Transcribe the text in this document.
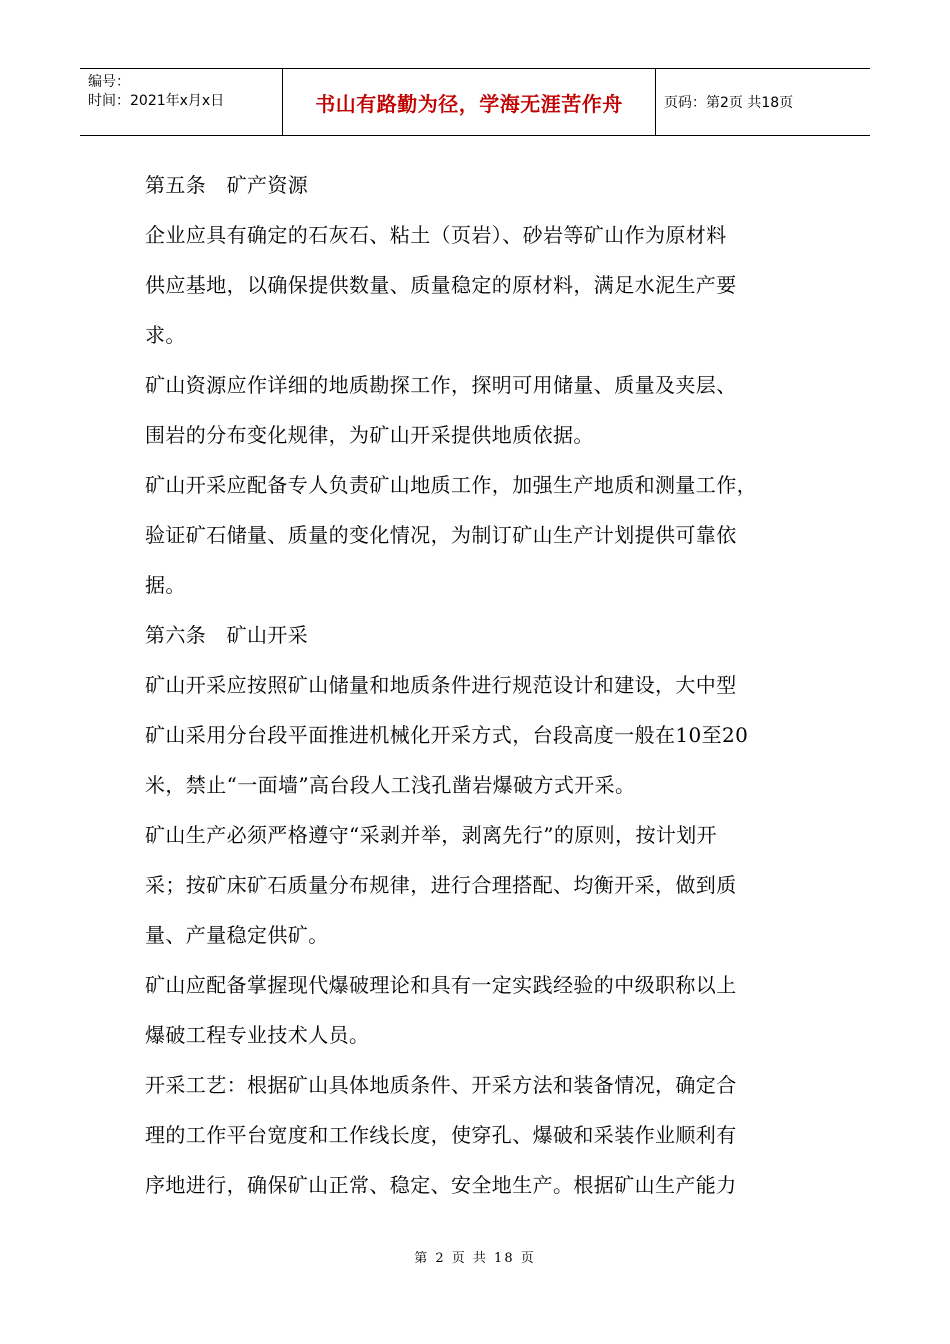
编号：
时间：2021年x月x日	书山有路勤为径，学海无涯苦作舟	页码：第2页 共18页

第五条　矿产资源

企业应具有确定的石灰石、粘土（页岩）、砂岩等矿山作为原材料

供应基地，以确保提供数量、质量稳定的原材料，满足水泥生产要

求。

矿山资源应作详细的地质勘探工作，探明可用储量、质量及夹层、

围岩的分布变化规律，为矿山开采提供地质依据。

矿山开采应配备专人负责矿山地质工作，加强生产地质和测量工作，

验证矿石储量、质量的变化情况，为制订矿山生产计划提供可靠依

据。

第六条　矿山开采

矿山开采应按照矿山储量和地质条件进行规范设计和建设，大中型

矿山采用分台段平面推进机械化开采方式，台段高度一般在10至20

米，禁止“一面墙”高台段人工浅孔凿岩爆破方式开采。

矿山生产必须严格遵守“采剥并举，剥离先行”的原则，按计划开

采；按矿床矿石质量分布规律，进行合理搭配、均衡开采，做到质

量、产量稳定供矿。

矿山应配备掌握现代爆破理论和具有一定实践经验的中级职称以上

爆破工程专业技术人员。

开采工艺：根据矿山具体地质条件、开采方法和装备情况，确定合

理的工作平台宽度和工作线长度，使穿孔、爆破和采装作业顺利有

序地进行，确保矿山正常、稳定、安全地生产。根据矿山生产能力

第 2 页 共 18 页
